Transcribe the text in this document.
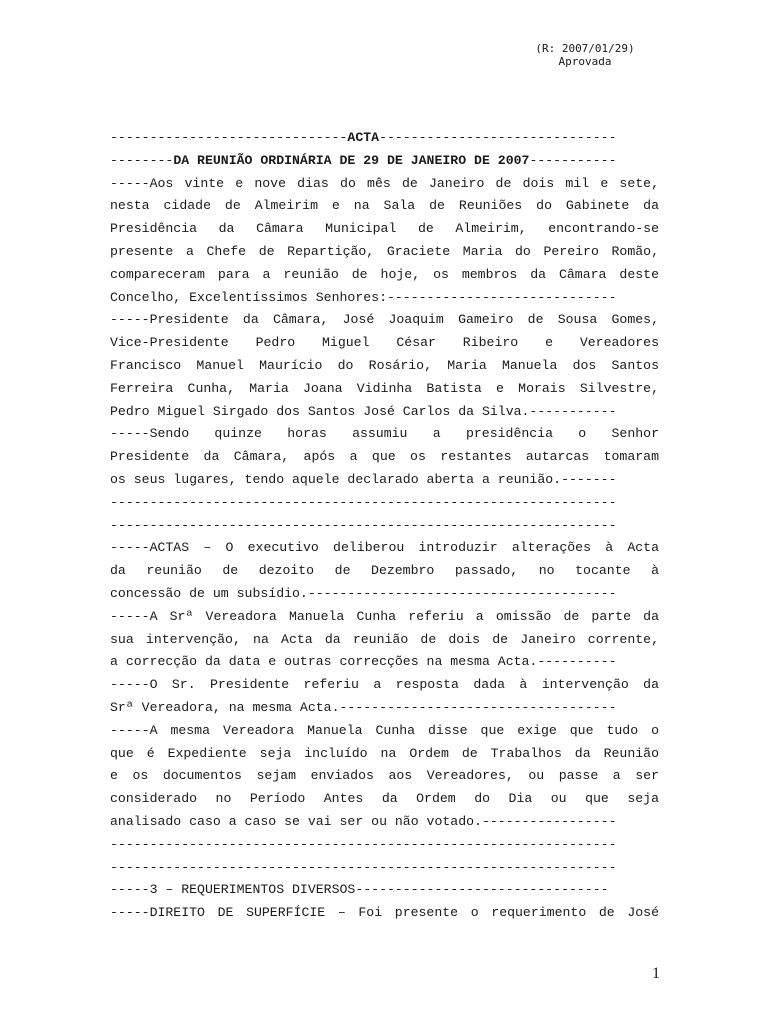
(R: 2007/01/29)
Aprovada
------------------------------ACTA------------------------------
--------DA REUNIÃO ORDINÁRIA DE 29 DE JANEIRO DE 2007-----------
-----Aos vinte e nove dias do mês de Janeiro de dois mil e sete,
nesta cidade de Almeirim e na Sala de Reuniões do Gabinete da
Presidência da Câmara Municipal de Almeirim, encontrando-se
presente a Chefe de Repartição, Graciete Maria do Pereiro Romão,
compareceram para a reunião de hoje, os membros da Câmara deste
Concelho, Excelentíssimos Senhores:-----------------------------
-----Presidente da Câmara, José Joaquim Gameiro de Sousa Gomes,
Vice-Presidente Pedro Miguel César Ribeiro e Vereadores
Francisco Manuel Maurício do Rosário, Maria Manuela dos Santos
Ferreira Cunha, Maria Joana Vidinha Batista e Morais Silvestre,
Pedro Miguel Sirgado dos Santos José Carlos da Silva.-----------
-----Sendo quinze horas assumiu a presidência o Senhor
Presidente da Câmara, após a que os restantes autarcas tomaram
os seus lugares, tendo aquele declarado aberta a reunião.-------
----------------------------------------------------------------
----------------------------------------------------------------
-----ACTAS – O executivo deliberou introduzir alterações à Acta
da reunião de dezoito de Dezembro passado, no tocante à
concessão de um subsídio.---------------------------------------
-----A Srª Vereadora Manuela Cunha referiu a omissão de parte da
sua intervenção, na Acta da reunião de dois de Janeiro corrente,
a correcção da data e outras correcções na mesma Acta.----------
-----O Sr. Presidente referiu a resposta dada à intervenção da
Srª Vereadora, na mesma Acta.-----------------------------------
-----A mesma Vereadora Manuela Cunha disse que exige que tudo o
que é Expediente seja incluído na Ordem de Trabalhos da Reunião
e os documentos sejam enviados aos Vereadores, ou passe a ser
considerado no Período Antes da Ordem do Dia ou que seja
analisado caso a caso se vai ser ou não votado.-----------------
----------------------------------------------------------------
----------------------------------------------------------------
-----3 – REQUERIMENTOS DIVERSOS--------------------------------
-----DIREITO DE SUPERFÍCIE – Foi presente o requerimento de José
1
